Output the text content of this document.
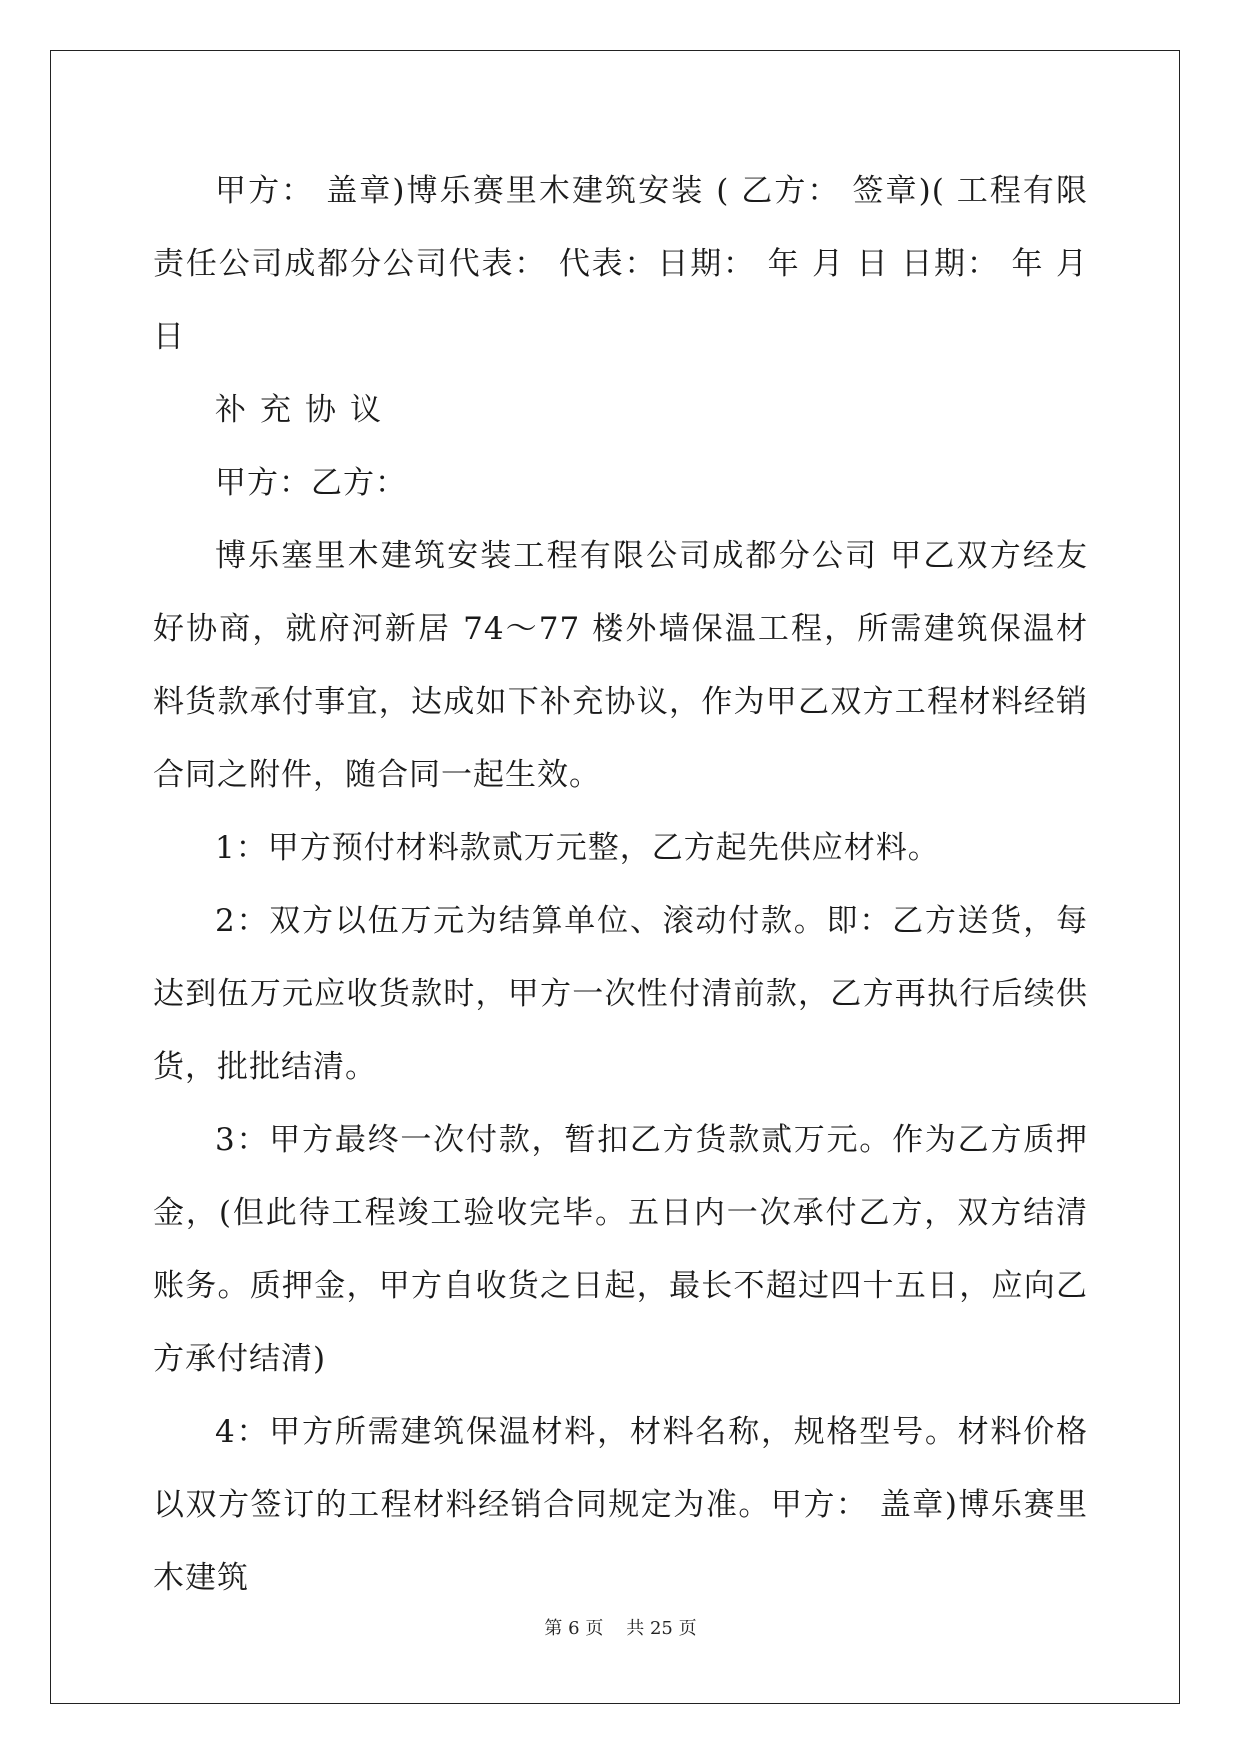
甲方： 盖章)博乐赛里木建筑安装 ( 乙方： 签章)( 工程有限责任公司成都分公司代表： 代表：日期： 年 月 日 日期： 年 月 日

补充协议

甲方：乙方：

博乐塞里木建筑安装工程有限公司成都分公司 甲乙双方经友好协商，就府河新居 74～77 楼外墙保温工程，所需建筑保温材料货款承付事宜，达成如下补充协议，作为甲乙双方工程材料经销合同之附件，随合同一起生效。

1：甲方预付材料款贰万元整，乙方起先供应材料。

2：双方以伍万元为结算单位、滚动付款。即：乙方送货，每达到伍万元应收货款时，甲方一次性付清前款，乙方再执行后续供货，批批结清。

3：甲方最终一次付款，暂扣乙方货款贰万元。作为乙方质押金，(但此待工程竣工验收完毕。五日内一次承付乙方，双方结清账务。质押金，甲方自收货之日起，最长不超过四十五日，应向乙方承付结清)

4：甲方所需建筑保温材料，材料名称，规格型号。材料价格以双方签订的工程材料经销合同规定为准。甲方： 盖章)博乐赛里木建筑

第 6 页 共 25 页
